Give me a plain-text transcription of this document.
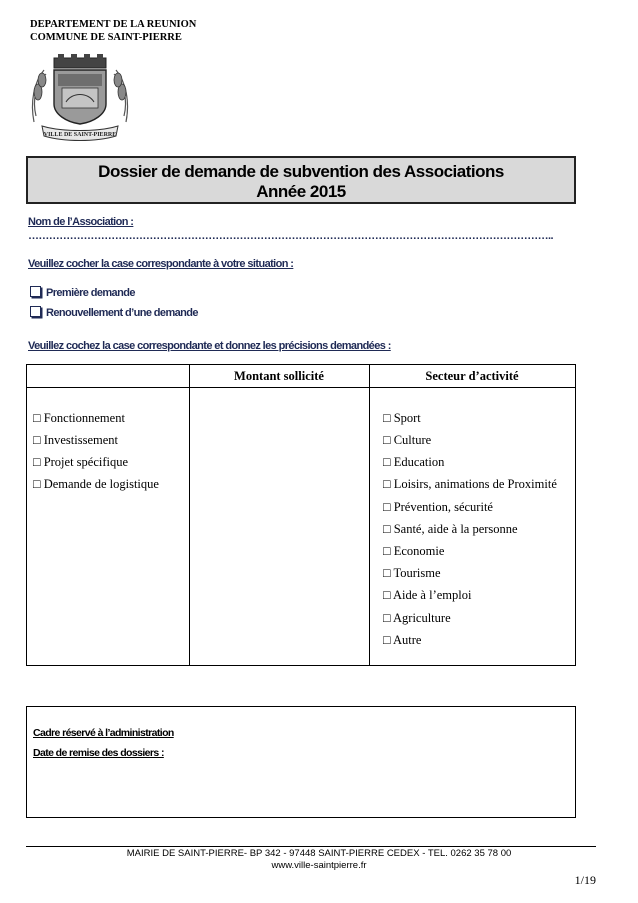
DEPARTEMENT DE LA REUNION
COMMUNE DE SAINT-PIERRE
VILLE DE SAINT-PIERRE
Dossier de demande de subvention des Associations
Année 2015
Nom de l’Association :
……………………………………………………………………………………………………………………………………..
Veuillez cocher la case correspondante à votre situation :
Première demande
Renouvellement d’une demande
Veuillez cochez la case correspondante et donnez les précisions demandées :
Montant sollicité	Secteur d’activité
□ Fonctionnement
□ Investissement
□ Projet spécifique
□ Demande de logistique
□ Sport
□ Culture
□ Education
□ Loisirs, animations de Proximité
□ Prévention, sécurité
□ Santé, aide à la personne
□ Economie
□ Tourisme
□ Aide à l’emploi
□ Agriculture
□ Autre
Cadre réservé à l’administration
Date de remise des dossiers :
MAIRIE DE SAINT-PIERRE- BP 342 - 97448 SAINT-PIERRE CEDEX - TEL. 0262 35 78 00
www.ville-saintpierre.fr
1/19
